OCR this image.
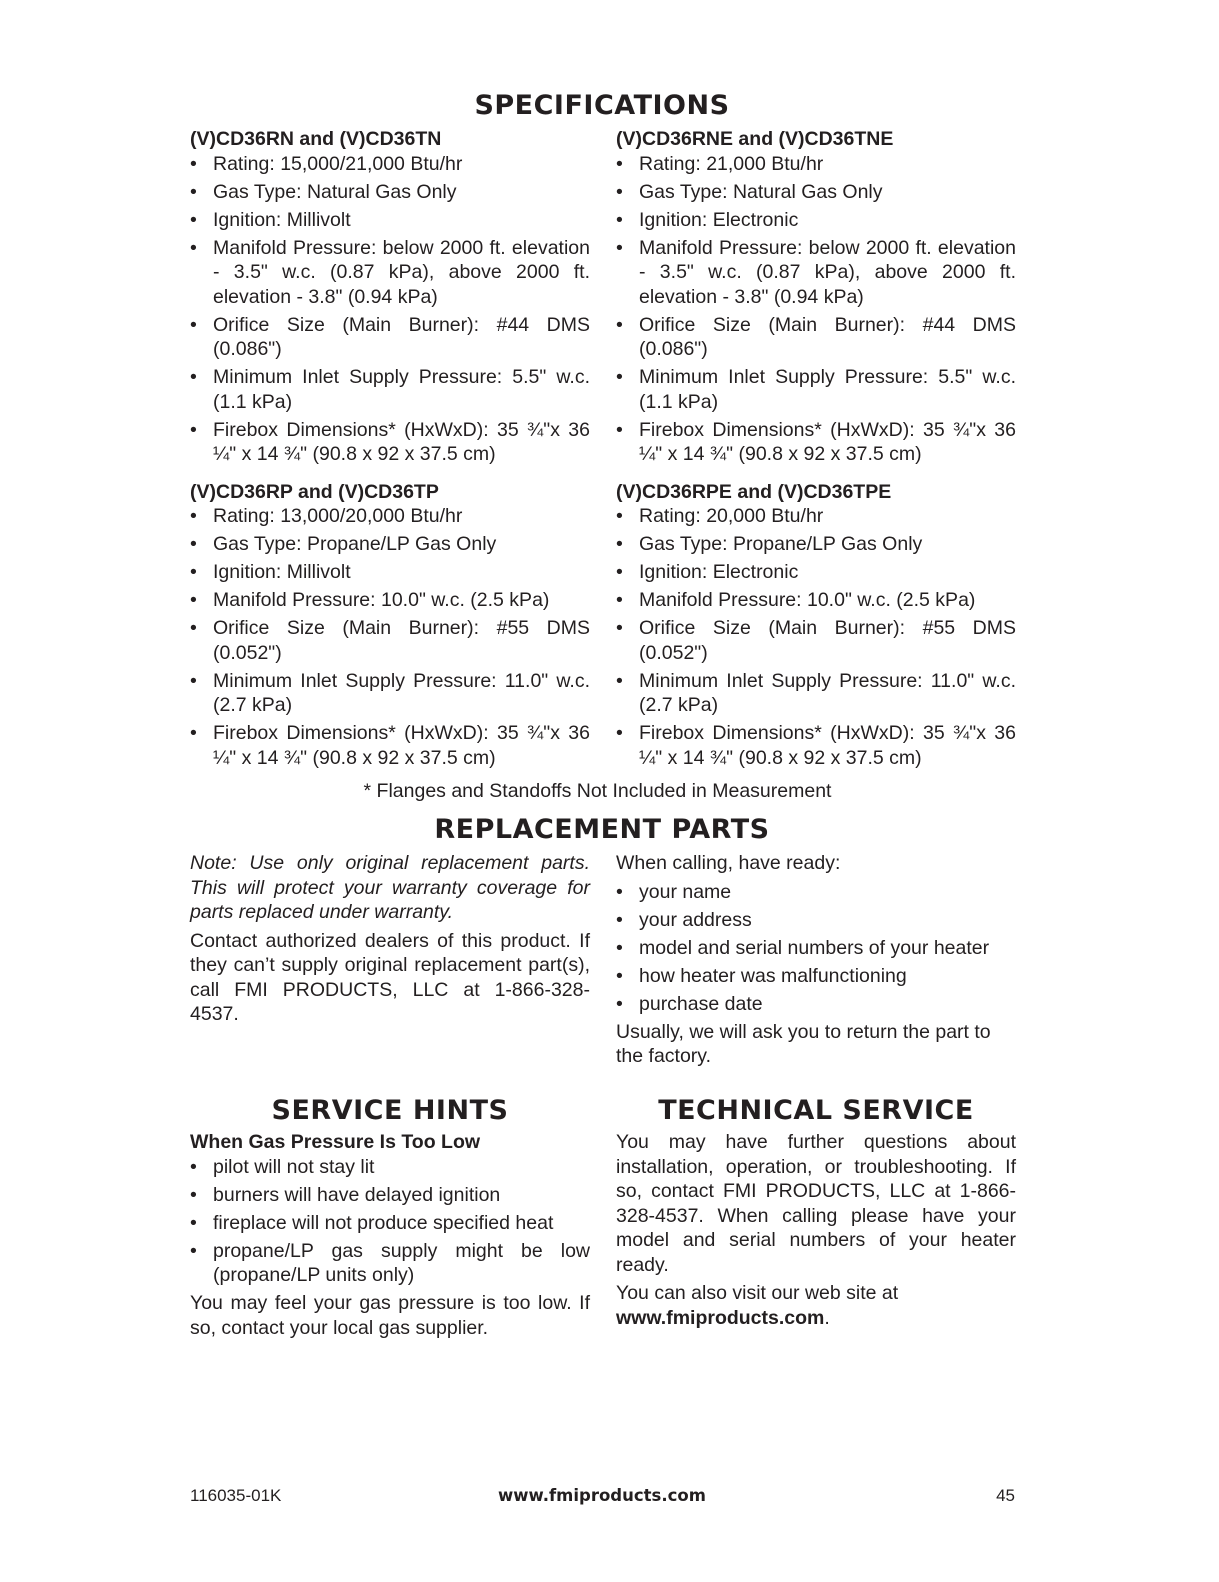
SPECIFICATIONS
(V)CD36RN and (V)CD36TN
• Rating: 15,000/21,000 Btu/hr
• Gas Type: Natural Gas Only
• Ignition: Millivolt
• Manifold Pressure: below 2000 ft. elevation - 3.5" w.c. (0.87 kPa), above 2000 ft. elevation - 3.8" (0.94 kPa)
• Orifice Size (Main Burner): #44 DMS (0.086")
• Minimum Inlet Supply Pressure: 5.5" w.c. (1.1 kPa)
• Firebox Dimensions* (HxWxD): 35 ¾"x 36 ¼" x 14 ¾" (90.8 x 92 x 37.5 cm)
(V)CD36RP and (V)CD36TP
• Rating: 13,000/20,000 Btu/hr
• Gas Type: Propane/LP Gas Only
• Ignition: Millivolt
• Manifold Pressure: 10.0" w.c. (2.5 kPa)
• Orifice Size (Main Burner): #55 DMS (0.052")
• Minimum Inlet Supply Pressure: 11.0" w.c. (2.7 kPa)
• Firebox Dimensions* (HxWxD): 35 ¾"x 36 ¼" x 14 ¾" (90.8 x 92 x 37.5 cm)
(V)CD36RNE and (V)CD36TNE
• Rating: 21,000 Btu/hr
• Gas Type: Natural Gas Only
• Ignition: Electronic
• Manifold Pressure: below 2000 ft. elevation - 3.5" w.c. (0.87 kPa), above 2000 ft. elevation - 3.8" (0.94 kPa)
• Orifice Size (Main Burner): #44 DMS (0.086")
• Minimum Inlet Supply Pressure: 5.5" w.c. (1.1 kPa)
• Firebox Dimensions* (HxWxD): 35 ¾"x 36 ¼" x 14 ¾" (90.8 x 92 x 37.5 cm)
(V)CD36RPE and (V)CD36TPE
• Rating: 20,000 Btu/hr
• Gas Type: Propane/LP Gas Only
• Ignition: Electronic
• Manifold Pressure: 10.0" w.c. (2.5 kPa)
• Orifice Size (Main Burner): #55 DMS (0.052")
• Minimum Inlet Supply Pressure: 11.0" w.c. (2.7 kPa)
• Firebox Dimensions* (HxWxD): 35 ¾"x 36 ¼" x 14 ¾" (90.8 x 92 x 37.5 cm)
* Flanges and Standoffs Not Included in Measurement
REPLACEMENT PARTS

Note: Use only original replacement parts. This will protect your warranty coverage for parts replaced under warranty.

Contact authorized dealers of this product. If they can’t supply original replacement part(s), call FMI PRODUCTS, LLC at 1-866-328-4537.

When calling, have ready:

• your name
• your address
• model and serial numbers of your heater
• how heater was malfunctioning
• purchase date

Usually, we will ask you to return the part to the factory.

SERVICE HINTS
When Gas Pressure Is Too Low
• pilot will not stay lit
• burners will have delayed ignition
• fireplace will not produce specified heat
• propane/LP gas supply might be low (propane/LP units only)

You may feel your gas pressure is too low. If so, contact your local gas supplier.

TECHNICAL SERVICE

You may have further questions about installation, operation, or troubleshooting. If so, contact FMI PRODUCTS, LLC at 1-866-328-4537. When calling please have your model and serial numbers of your heater ready.

You can also visit our web site at
www.fmiproducts.com.

116035-01K	www.fmiproducts.com	45
